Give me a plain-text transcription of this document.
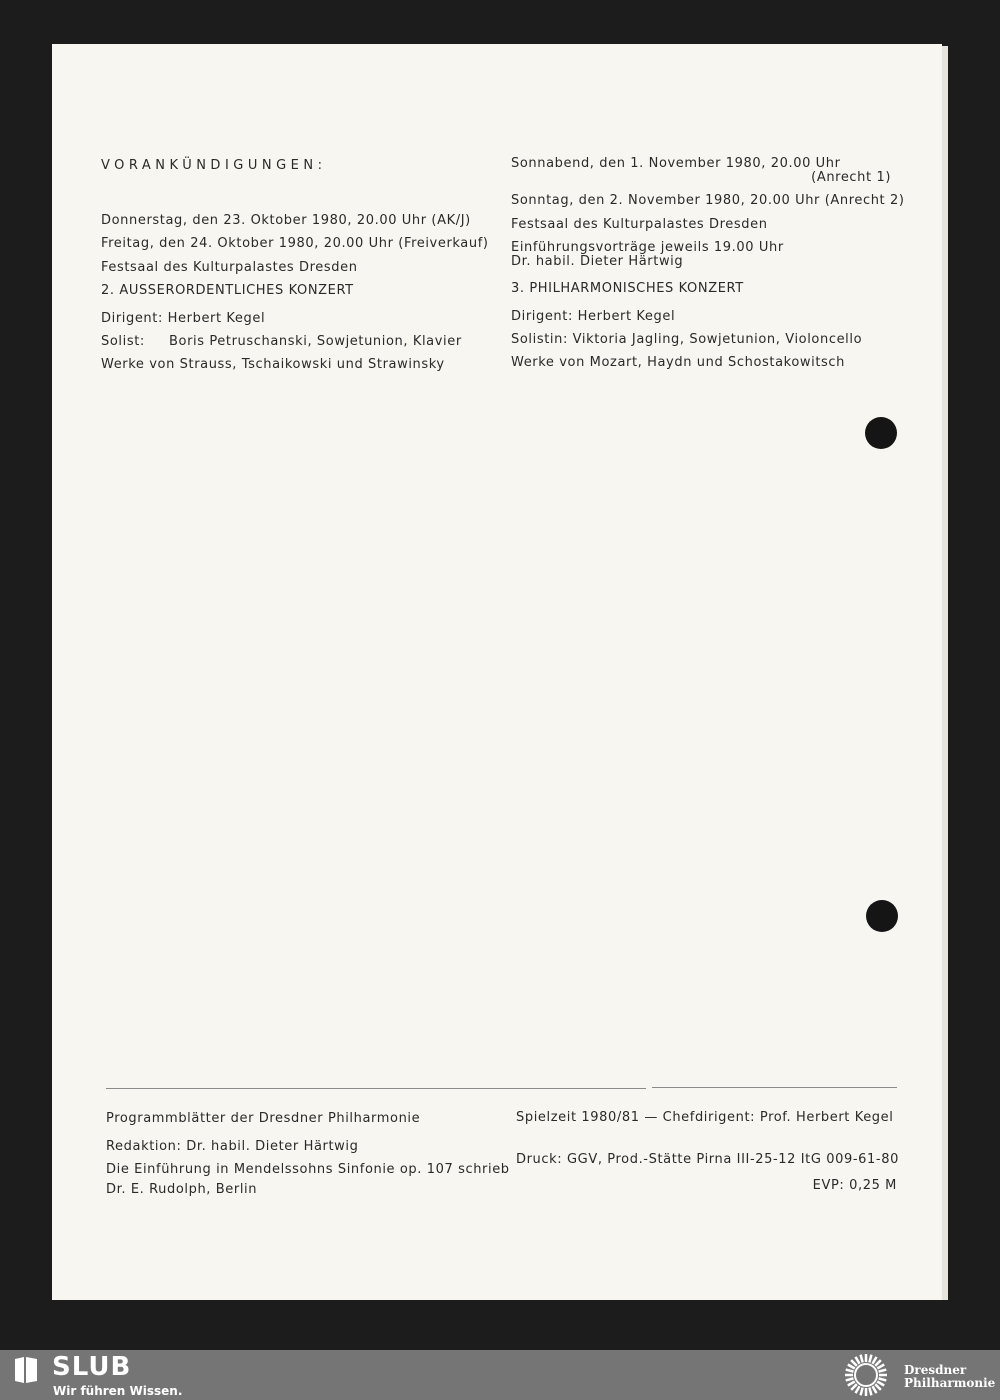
VORANKÜNDIGUNGEN:
Donnerstag, den 23. Oktober 1980, 20.00 Uhr (AK/J)
Freitag, den 24. Oktober 1980, 20.00 Uhr (Freiverkauf)
Festsaal des Kulturpalastes Dresden
2. AUSSERORDENTLICHES KONZERT
Dirigent: Herbert Kegel
Solist: Boris Petruschanski, Sowjetunion, Klavier
Werke von Strauss, Tschaikowski und Strawinsky
Sonnabend, den 1. November 1980, 20.00 Uhr
(Anrecht 1)
Sonntag, den 2. November 1980, 20.00 Uhr (Anrecht 2)
Festsaal des Kulturpalastes Dresden
Einführungsvorträge jeweils 19.00 Uhr
Dr. habil. Dieter Härtwig
3. PHILHARMONISCHES KONZERT
Dirigent: Herbert Kegel
Solistin: Viktoria Jagling, Sowjetunion, Violoncello
Werke von Mozart, Haydn und Schostakowitsch
Programmblätter der Dresdner Philharmonie
Redaktion: Dr. habil. Dieter Härtwig
Die Einführung in Mendelssohns Sinfonie op. 107 schrieb
Dr. E. Rudolph, Berlin
Spielzeit 1980/81 — Chefdirigent: Prof. Herbert Kegel
Druck: GGV, Prod.-Stätte Pirna III-25-12 ItG 009-61-80
EVP: 0,25 M
SLUB
Wir führen Wissen.
Dresdner
Philharmonie
